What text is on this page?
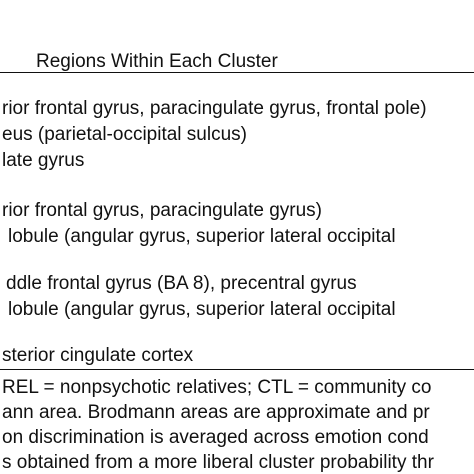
Regions Within Each Cluster
rior frontal gyrus, paracingulate gyrus, frontal pole)
eus (parietal-occipital sulcus)
late gyrus
rior frontal gyrus, paracingulate gyrus)
lobule (angular gyrus, superior lateral occipital
ddle frontal gyrus (BA 8), precentral gyrus
lobule (angular gyrus, superior lateral occipital
sterior cingulate cortex
REL = nonpsychotic relatives; CTL = community co
ann area. Brodmann areas are approximate and pr
on discrimination is averaged across emotion cond
s obtained from a more liberal cluster probability thr
